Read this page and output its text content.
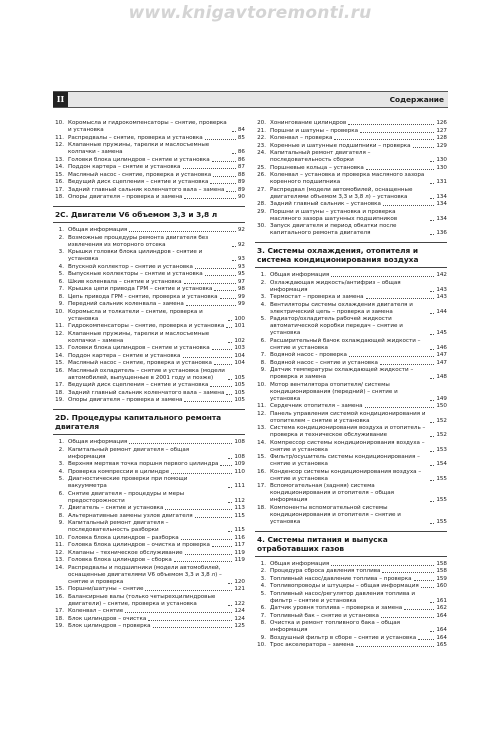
www.knigavtoremonti.ru
II	Содержание
10. Коромысла и гидрокомпенсаторы – снятие, проверка и установка	84
11. Распредвалы – снятие, проверка и установка	85
12. Клапанные пружины, тарелки и маслосъемные колпачки - замена	86
13. Головки блока цилиндров – снятие и установка	86
14. Поддон картера – снятие и установка	87
15. Масляный насос - снятие, проверка и установка	88
16. Ведущий диск сцепления – снятие и установка	89
17. Задний главный сальник коленчатого вала – замена 89
18. Опоры двигателя – проверка и замена	90
2C. Двигатели V6 объемом 3,3 и 3,8 л
1. Общая информация	92
2. Возможные процедуры ремонта двигателя без извлечения из моторного отсека	92
3. Крышки головки блока цилиндров - снятие и установка	93
4. Впускной коллектор – снятие и установка	93
5. Выпускные коллекторы – снятие и установка	95
6. Шкив коленвала – снятие и установка	97
7. Крышка цепи привода ГРМ – снятие и установка	98
8. Цепь привода ГРМ - снятие, проверка и установка	99
9. Передний сальник коленвала – замена	99
10. Коромысла и толкатели – снятие, проверка и установка	100
11. Гидрокомпенсаторы – снятие, проверка и установка 101
12. Клапанные пружины, тарелки и маслосъемные колпачки – замена	102
13. Головки блока цилиндров – снятие и установка	103
14. Поддон картера – снятие и установка	104
15. Масляный насос – снятие, проверка и установка	104
16. Масляный охладитель – снятие и установка (модели автомобилей, выпущенные в 2001 году и позже)	105
17. Ведущий диск сцепления – снятие и установка	105
18. Задний главный сальник коленчатого вала – замена 105
19. Опоры двигателя – проверка и замена	105
2D. Процедуры капитального ремонта двигателя
1. Общая информация	108
2. Капитальный ремонт двигателя – общая информация	108
3. Верхняя мертвая точка поршня первого цилиндра	109
4. Проверка компрессии в цилиндре	110
5. Диагностические проверки при помощи вакуумметра	111
6. Снятие двигателя – процедуры и меры предосторожности	112
7. Двигатель – снятие и установка	113
8. Альтернативные замены узлов двигателя	115
9. Капитальный ремонт двигателя – последовательность разборки	115
10. Головка блока цилиндров – разборка	116
11. Головка блока цилиндров – очистка и проверка	117
12. Клапаны – техническое обслуживание	119
13. Головка блока цилиндров – сборка	119
14. Распредвалы и подшипники (модели автомобилей, оснащенные двигателями V6 объемом 3,3 и 3,8 л) – снятие и проверка	120
15. Поршни/шатуны – снятие	121
16. Балансирные валы (только четырехцилиндровые двигатели) – снятие, проверка и установка	122
17. Коленвал – снятие	124
18. Блок цилиндров – очистка	124
19. Блок цилиндров – проверка	125
20. Хонингование цилиндров	126
21. Поршни и шатуны – проверка	127
22. Коленвал – проверка	128
23. Коренные и шатунные подшипники – проверка	129
24. Капитальный ремонт двигателя – последовательность сборки	130
25. Поршневые кольца – установка	130
26. Коленвал – установка и проверка масляного зазора коренного подшипника	131
27. Распредвал (модели автомобилей, оснащенные двигателями объемом 3,3 и 3,8 л) – установка	134
28. Задний главный сальник – установка	134
29. Поршни и шатуны – установка и проверка масляного зазора шатунных подшипников	134
30. Запуск двигателя и период обкатки после капитального ремонта двигателя	136
3. Системы охлаждения, отопителя и система кондиционирования воздуха
1. Общая информация	142
2. Охлаждающая жидкость/антифриз – общая информация	143
3. Термостат – проверка и замена	143
4. Вентиляторы системы охлаждения двигателя и электрический цепь – проверка и замена	144
5. Радиатор/охладитель рабочей жидкости автоматической коробки передач – снятие и установка	145
6. Расширительный бачок охлаждающей жидкости – снятие и установка	146
7. Водяной насос - проверка	147
8. Водяной насос – снятие и установка	147
9. Датчик температуры охлаждающей жидкости – проверка и замена	148
10. Мотор вентилятора отопителя/ системы кондиционирования (передний) – снятие и установка	149
11. Сердечник отопителя – замена	150
12. Панель управления системой кондиционирования и отопителем – снятие и установка	152
13. Система кондиционирования воздуха и отопитель – проверка и техническое обслуживание	152
14. Компрессор системы кондиционирования воздуха – снятие и установка	153
15. Фильтр/осушитель системы кондиционирования – снятие и установка	154
16. Конденсор системы кондиционирования воздуха – снятие и установка	155
17. Вспомогательная (задняя) система кондиционирования и отопителя – общая информация	155
18. Компоненты вспомогательной системы кондиционирования и отопителя – снятие и установка	155
4. Системы питания и выпуска отработавших газов
1. Общая информация	158
2. Процедура сброса давления топлива	158
3. Топливный насос/давление топлива – проверка	159
4. Топливопроводы и штуцеры – общая информация	160
5. Топливный насос/регулятор давления топлива и фильтр – снятие и установка	161
6. Датчик уровня топлива – проверка и замена	162
7. Топливный бак – снятие и установка	164
8. Очистка и ремонт топливного бака – общая информация	164
9. Воздушный фильтр в сборе – снятие и установка	164
10. Трос акселератора – замена	165
